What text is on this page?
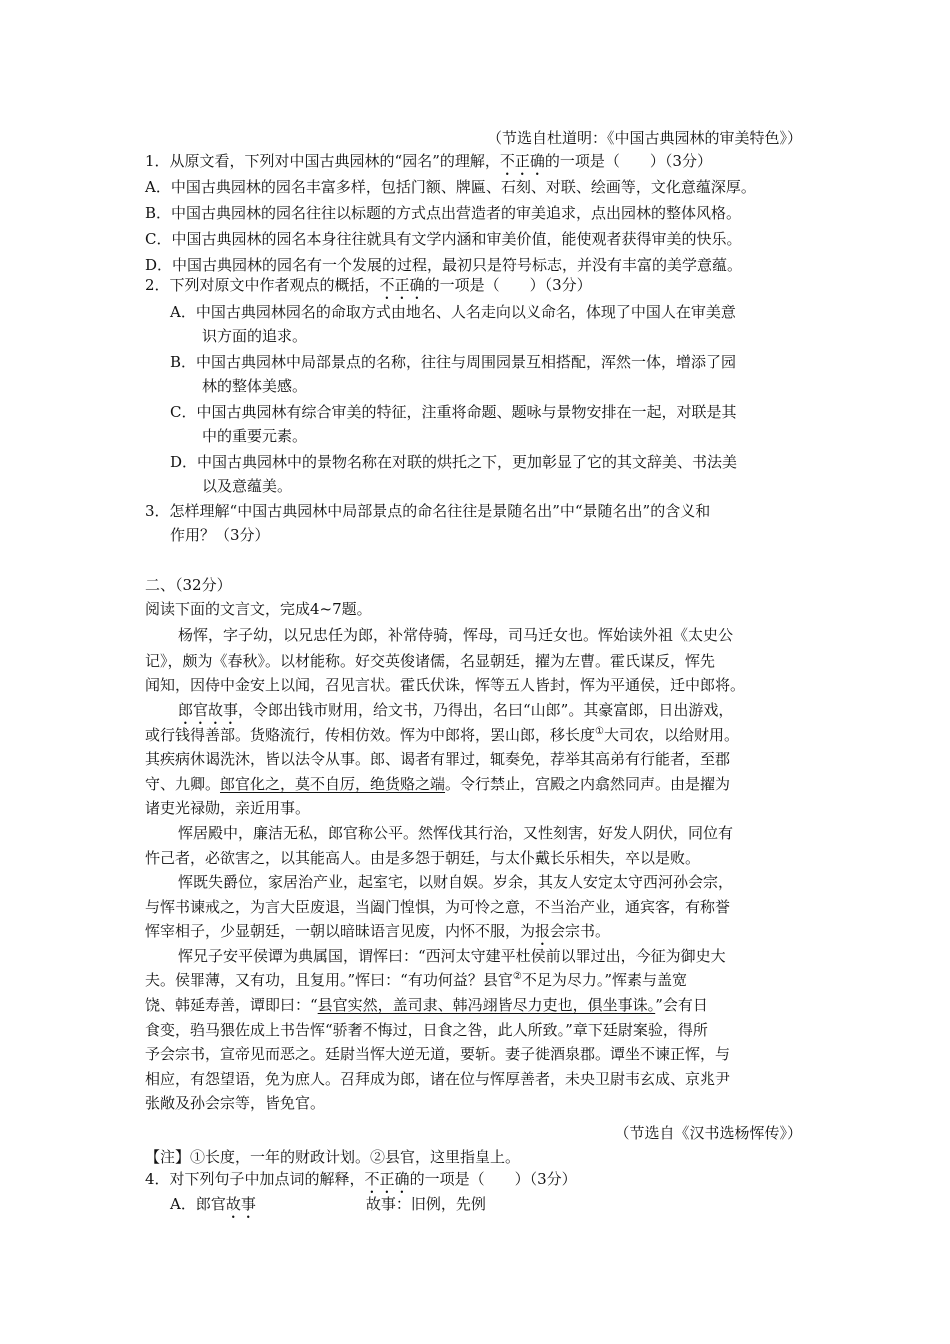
（节选自杜道明：《中国古典园林的审美特色》）
1．从原文看，下列对中国古典园林的“园名”的理解，不正确的一项是（　　）（3分）
A．中国古典园林的园名丰富多样，包括门额、牌匾、石刻、对联、绘画等，文化意蕴深厚。
B．中国古典园林的园名往往以标题的方式点出营造者的审美追求，点出园林的整体风格。
C．中国古典园林的园名本身往往就具有文学内涵和审美价值，能使观者获得审美的快乐。
D．中国古典园林的园名有一个发展的过程，最初只是符号标志，并没有丰富的美学意蕴。
2．下列对原文中作者观点的概括，不正确的一项是（　　）（3分）
A．中国古典园林园名的命取方式由地名、人名走向以义命名，体现了中国人在审美意
识方面的追求。
B．中国古典园林中局部景点的名称，往往与周围园景互相搭配，浑然一体，增添了园
林的整体美感。
C．中国古典园林有综合审美的特征，注重将命题、题咏与景物安排在一起，对联是其
中的重要元素。
D．中国古典园林中的景物名称在对联的烘托之下，更加彰显了它的其文辞美、书法美
以及意蕴美。
3．怎样理解“中国古典园林中局部景点的命名往往是景随名出”中“景随名出”的含义和
作用？（3分）
二、（32分）
阅读下面的文言文，完成4~7题。
杨恽，字子幼，以兄忠任为郎，补常侍骑，恽母，司马迁女也。恽始读外祖《太史公
记》，颇为《春秋》。以材能称。好交英俊诸儒，名显朝廷，擢为左曹。霍氏谋反，恽先
闻知，因侍中金安上以闻，召见言状。霍氏伏诛，恽等五人皆封，恽为平通侯，迁中郎将。
郎官故事，令郎出钱市财用，给文书，乃得出，名曰“山郎”。其豪富郎，日出游戏，
或行钱得善部。货赂流行，传相仿效。恽为中郎将，罢山郎，移长度①大司农，以给财用。
其疾病休谒洗沐，皆以法令从事。郎、谒者有罪过，辄奏免，荐举其高弟有行能者，至郡
守、九卿。郎官化之，莫不自厉，绝货赂之端。令行禁止，宫殿之内翕然同声。由是擢为
诸吏光禄勋，亲近用事。
恽居殿中，廉洁无私，郎官称公平。然恽伐其行治，又性刻害，好发人阴伏，同位有
忤己者，必欲害之，以其能高人。由是多怨于朝廷，与太仆戴长乐相失，卒以是败。
恽既失爵位，家居治产业，起室宅，以财自娱。岁余，其友人安定太守西河孙会宗，
与恽书谏戒之，为言大臣废退，当阖门惶惧，为可怜之意，不当治产业，通宾客，有称誉
恽宰相子，少显朝廷，一朝以暗昧语言见废，内怀不服，为报会宗书。
恽兄子安平侯谭为典属国，谓恽曰：“西河太守建平杜侯前以罪过出，今征为御史大
夫。侯罪薄，又有功，且复用。”恽曰：“有功何益？县官②不足为尽力。”恽素与盖宽
饶、韩延寿善，谭即曰：“县官实然，盖司隶、韩冯翊皆尽力吏也，俱坐事诛。”会有日
食变，驺马猥佐成上书告恽“骄奢不悔过，日食之咎，此人所致。”章下廷尉案验，得所
予会宗书，宣帝见而恶之。廷尉当恽大逆无道，要斩。妻子徙酒泉郡。谭坐不谏正恽，与
相应，有怨望语，免为庶人。召拜成为郎，诸在位与恽厚善者，未央卫尉韦玄成、京兆尹
张敞及孙会宗等，皆免官。
（节选自《汉书选杨恽传》）
【注】①长度，一年的财政计划。②县官，这里指皇上。
4．对下列句子中加点词的解释，不正确的一项是（　　）（3分）
A．郎官故事	故事：旧例，先例
